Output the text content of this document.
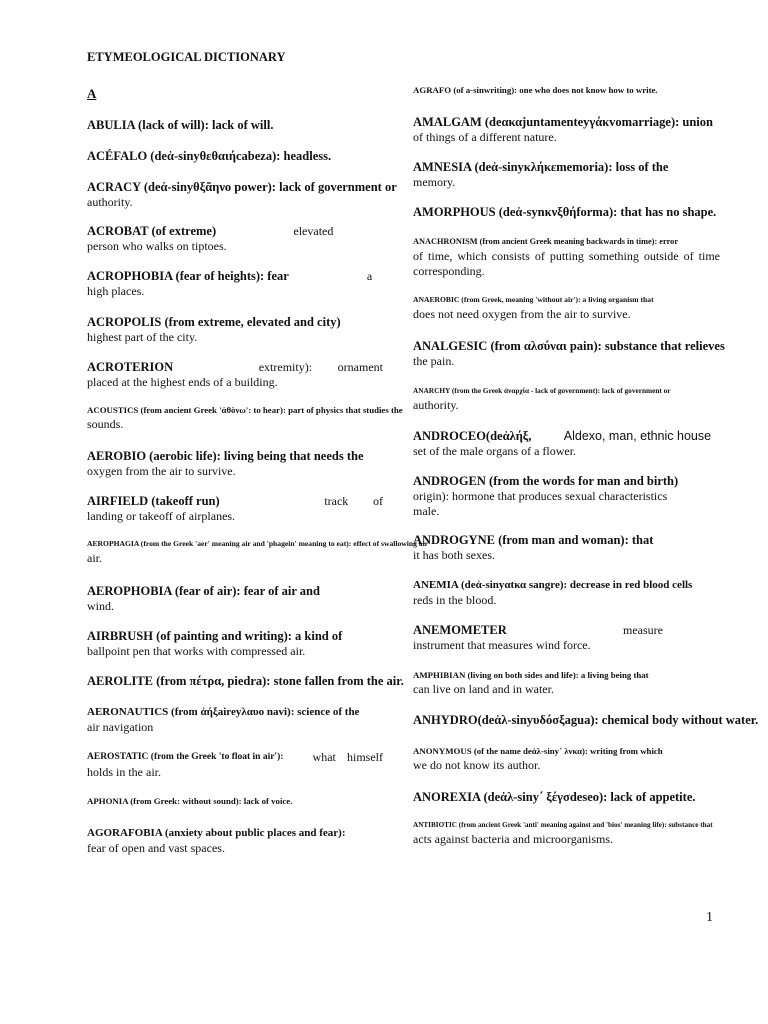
ETYMEOLOGICAL DICTIONARY
A
ABULIA (lack of will): lack of will.
ACÉFALO (deἀ-sinyθεθαιήcabeza): headless.
ACRACY (deἀ-sinyθξᾶηνo power): lack of government or
authority.
ACROBAT (of extreme)	elevated
person who walks on tiptoes.
ACROPHOBIA (fear of heights): fear	a
high places.
ACROPOLIS (from extreme, elevated and city)
highest part of the city.
ACROTERION	extremity): ornament
placed at the highest ends of a building.
ACOUSTICS (from ancient Greek 'ἀθὸνω': to hear): part of physics that studies the
sounds.
AEROBIO (aerobic life): living being that needs the
oxygen from the air to survive.
AIRFIELD (takeoff run)	track of
landing or takeoff of airplanes.
AEROPHAGIA (from the Greek 'aer' meaning air and 'phagein' meaning to eat): effect of swallowing air
air.
AEROPHOBIA (fear of air): fear of air and
wind.
AIRBRUSH (of painting and writing): a kind of
ballpoint pen that works with compressed air.
AEROLITE (from πέτρα, piedra): stone fallen from the air.
AERONAUTICS (from ἀήξaireyλαυo navi): science of the
air navigation
AEROSTATIC (from the Greek 'to float in air'): what himself
holds in the air.
APHONIA (from Greek: without sound): lack of voice.
AGORAFOBIA (anxiety about public places and fear):
fear of open and vast spaces.
AGRAFO (of a-sinwriting): one who does not know how to write.
AMALGAM (deακαjuntamenteyγάκvomarriage): union
of things of a different nature.
AMNESIA (deἀ-sinyκλήκεmemoria): loss of the
memory.
AMORPHOUS (deἀ-synκνξθήforma): that has no shape.
ANACHRONISM (from ancient Greek meaning backwards in time): error
of time, which consists of putting something outside of time corresponding.
ANAEROBIC (from Greek, meaning 'without air'): a living organism that
does not need oxygen from the air to survive.
ANALGESIC (from αλσύναι pain): substance that relieves
the pain.
ANARCHY (from the Greek ἀναρχία - lack of government): lack of government or
authority.
ANDROCEO(deἀλήξ,	Aldexo, man, ethnic house
set of the male organs of a flower.
ANDROGEN (from the words for man and birth)
origin): hormone that produces sexual characteristics male.
ANDROGYNE (from man and woman): that
it has both sexes.
ANEMIA (deἀ-sinyαtκα sangre): decrease in red blood cells
reds in the blood.
ANEMOMETER	measure
instrument that measures wind force.
AMPHIBIAN (living on both sides and life): a living being that
can live on land and in water.
ANHYDRO(deἀλ-sinyυδόσξagua): chemical body without water.
ANONYMOUS (of the name deἀλ-siny΄ λνκα): writing from which
we do not know its author.
ANOREXIA (deἀλ-siny΄ ξέγσdeseo): lack of appetite.
ANTIBIOTIC (from ancient Greek 'anti' meaning against and 'bios' meaning life): substance that
acts against bacteria and microorganisms.
1
